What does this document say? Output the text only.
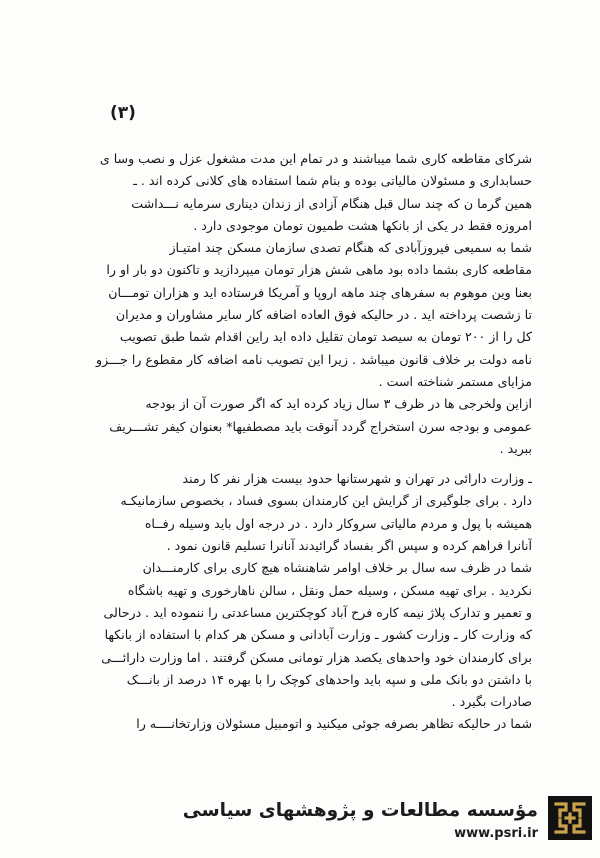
(۳)
شرکای مقاطعه کاری شما میباشند و در تمام این مدت مشغول عزل و نصب وسا ی
حسابداری و مسئولان مالیاتی بوده و بنام شما استفاده های کلانی کرده اند . ـ
همین گرما ن که چند سال قبل هنگام آزادی از زندان دیناری سرمایه نـــداشت
امروزه فقط در یکی از بانکها هشت طمیون تومان موجودی دارد .
شما به سمیعی فیروزآبادی که هنگام تصدی سازمان مسکن چند امتیـاز
مقاطعه کاری بشما داده بود ماهی شش هزار تومان میپردازید و تاکنون دو بار او را
بعنا وین موهوم به سفرهای چند ماهه اروپا و آمریکا فرستاده اید و هزاران تومـــان
تا زشصت پرداخته اید . در حالیکه فوق العاده اضافه کار سایر مشاوران و مدیران
کل را از ۲۰۰ تومان به سیصد تومان تقلیل داده اید راین اقدام شما طبق تصویب
نامه دولت بر خلاف قانون میباشد . زیرا این تصویب نامه اضافه کار مقطوع را جـــزو
مزایای مستمر شناخته است .
ازاین ولخرجی ها در ظرف ۳ سال زیاد کرده اید که اگر صورت آن از بودجه
عمومی و بودجه سرن استخراج گردد آنوقت باید مصطفیها* بعنوان کیفر تشـــریف
ببرید .
ـ وزارت دارائی در تهران و شهرستانها حدود بیست هزار نفر کا رمند
دارد . برای جلوگیری از گرایش این کارمندان بسوی فساد ، بخصوص سازمانیکـه
همیشه با پول و مردم مالیاتی سروکار دارد . در درجه اول باید وسیله رفــاه
آنانرا فراهم کرده و سپس اگر بفساد گرائیدند آنانرا تسلیم قانون نمود .
شما در ظرف سه سال بر خلاف اوامر شاهنشاه هیچ کاری برای کارمنـــدان
نکردید . برای تهیه مسکن ، وسیله حمل ونقل ، سالن ناهارخوری و تهیه باشگاه
و تعمیر و تدارک پلاژ نیمه کاره فرح آباد کوچکترین مساعدتی را ننموده اید . درحالی
که وزارت کار ـ وزارت کشور ـ وزارت آبادانی و مسکن هر کدام با استفاده از بانکها
برای کارمندان خود واحدهای یکصد هزار تومانی مسکن گرفتند . اما وزارت دارائـــی
با داشتن دو بانک ملی و سپه باید واحدهای کوچک را با بهره ۱۴ درصد از بانـــک
صادرات بگیرد .
شما در حالیکه تظاهر بصرفه جوئی میکنید و اتومبیل مسئولان وزارتخانــــه را
مؤسسه مطالعات و پژوهشهای سیاسی
www.psri.ir
